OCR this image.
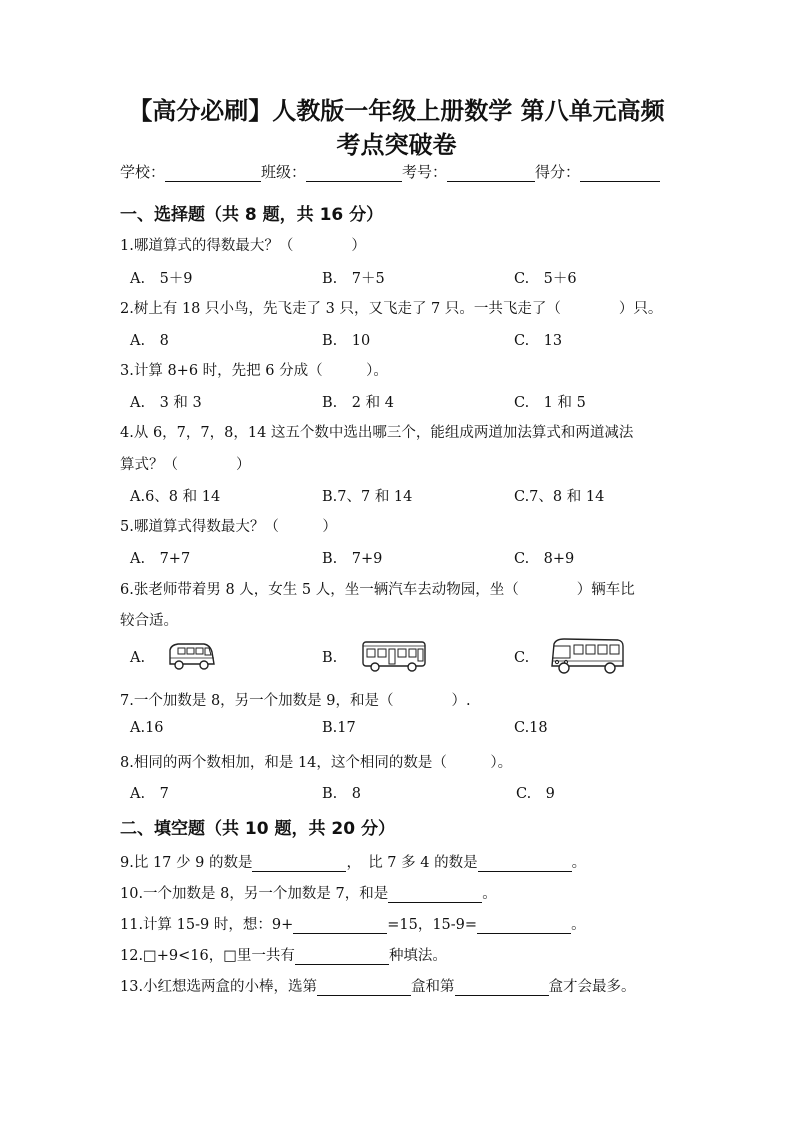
【高分必刷】人教版一年级上册数学 第八单元高频
考点突破卷
学校：	班级：	考号：	得分：
一、选择题（共 8 题，共 16 分）
1.哪道算式的得数最大？（　　　　）
A.　5＋9	B.　7＋5	C.　5＋6
2.树上有 18 只小鸟，先飞走了 3 只，又飞走了 7 只。一共飞走了（　　　　）只。
A.　8	B.　10	C.　13
3.计算 8+6 时，先把 6 分成（　　　）。
A.　3 和 3	B.　2 和 4	C.　1 和 5
4.从 6，7，7，8，14 这五个数中选出哪三个，能组成两道加法算式和两道减法
算式？（　　　　）
A.6、8 和 14	B.7、7 和 14	C.7、8 和 14
5.哪道算式得数最大？（　　　）
A.　7+7	B.　7+9	C.　8+9
6.张老师带着男 8 人，女生 5 人，坐一辆汽车去动物园，坐（　　　　）辆车比
较合适。
A.	B.	C.
7.一个加数是 8，另一个加数是 9，和是（　　　　）.
A.16	B.17	C.18
8.相同的两个数相加，和是 14，这个相同的数是（　　　）。
A.　7	B.　8	C.　9
二、填空题（共 10 题，共 20 分）
9.比 17 少 9 的数是	，　比 7 多 4 的数是	。
10.一个加数是 8，另一个加数是 7，和是	。
11.计算 15-9 时，想：9+	=15，15-9=	。
12.□+9<16，□里一共有	种填法。
13.小红想选两盒的小棒，选第	盒和第	盒才会最多。
